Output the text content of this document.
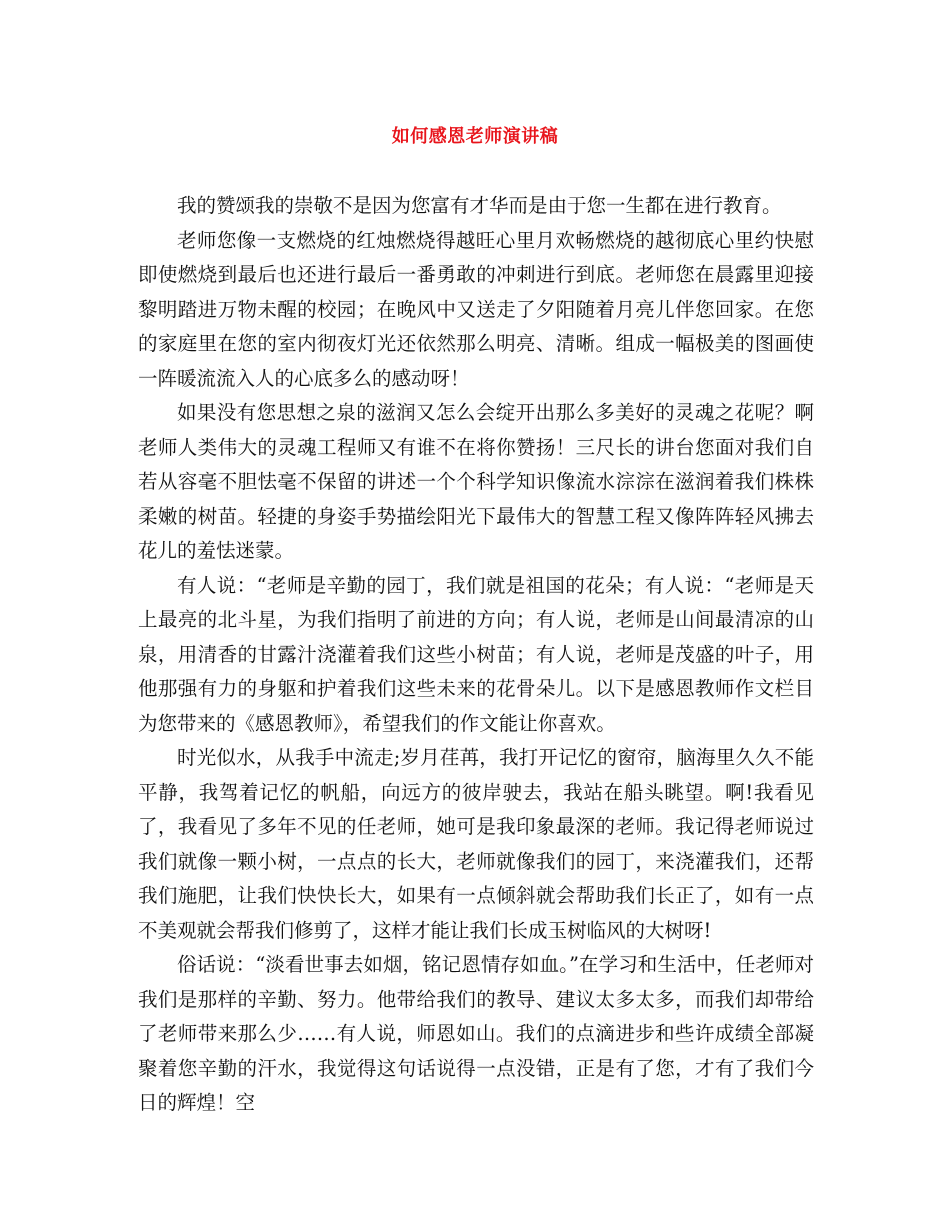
如何感恩老师演讲稿

我的赞颂我的崇敬不是因为您富有才华而是由于您一生都在进行教育。

老师您像一支燃烧的红烛燃烧得越旺心里月欢畅燃烧的越彻底心里约快慰即使燃烧到最后也还进行最后一番勇敢的冲刺进行到底。老师您在晨露里迎接黎明踏进万物未醒的校园；在晚风中又送走了夕阳随着月亮儿伴您回家。在您的家庭里在您的室内彻夜灯光还依然那么明亮、清晰。组成一幅极美的图画使一阵暖流流入人的心底多么的感动呀！

如果没有您思想之泉的滋润又怎么会绽开出那么多美好的灵魂之花呢？啊老师人类伟大的灵魂工程师又有谁不在将你赞扬！三尺长的讲台您面对我们自若从容毫不胆怯毫不保留的讲述一个个科学知识像流水淙淙在滋润着我们株株柔嫩的树苗。轻捷的身姿手势描绘阳光下最伟大的智慧工程又像阵阵轻风拂去花儿的羞怯迷蒙。

有人说：“老师是辛勤的园丁，我们就是祖国的花朵；有人说：“老师是天上最亮的北斗星，为我们指明了前进的方向；有人说，老师是山间最清凉的山泉，用清香的甘露汁浇灌着我们这些小树苗；有人说，老师是茂盛的叶子，用他那强有力的身躯和护着我们这些未来的花骨朵儿。以下是感恩教师作文栏目为您带来的《感恩教师》，希望我们的作文能让你喜欢。

时光似水，从我手中流走;岁月荏苒，我打开记忆的窗帘，脑海里久久不能平静，我驾着记忆的帆船，向远方的彼岸驶去，我站在船头眺望。啊!我看见了，我看见了多年不见的任老师，她可是我印象最深的老师。我记得老师说过我们就像一颗小树，一点点的长大，老师就像我们的园丁，来浇灌我们，还帮我们施肥，让我们快快长大，如果有一点倾斜就会帮助我们长正了，如有一点不美观就会帮我们修剪了，这样才能让我们长成玉树临风的大树呀!

俗话说：“淡看世事去如烟，铭记恩情存如血。”在学习和生活中，任老师对我们是那样的辛勤、努力。他带给我们的教导、建议太多太多，而我们却带给了老师带来那么少……有人说，师恩如山。我们的点滴进步和些许成绩全部凝聚着您辛勤的汗水，我觉得这句话说得一点没错，正是有了您，才有了我们今日的辉煌！空
